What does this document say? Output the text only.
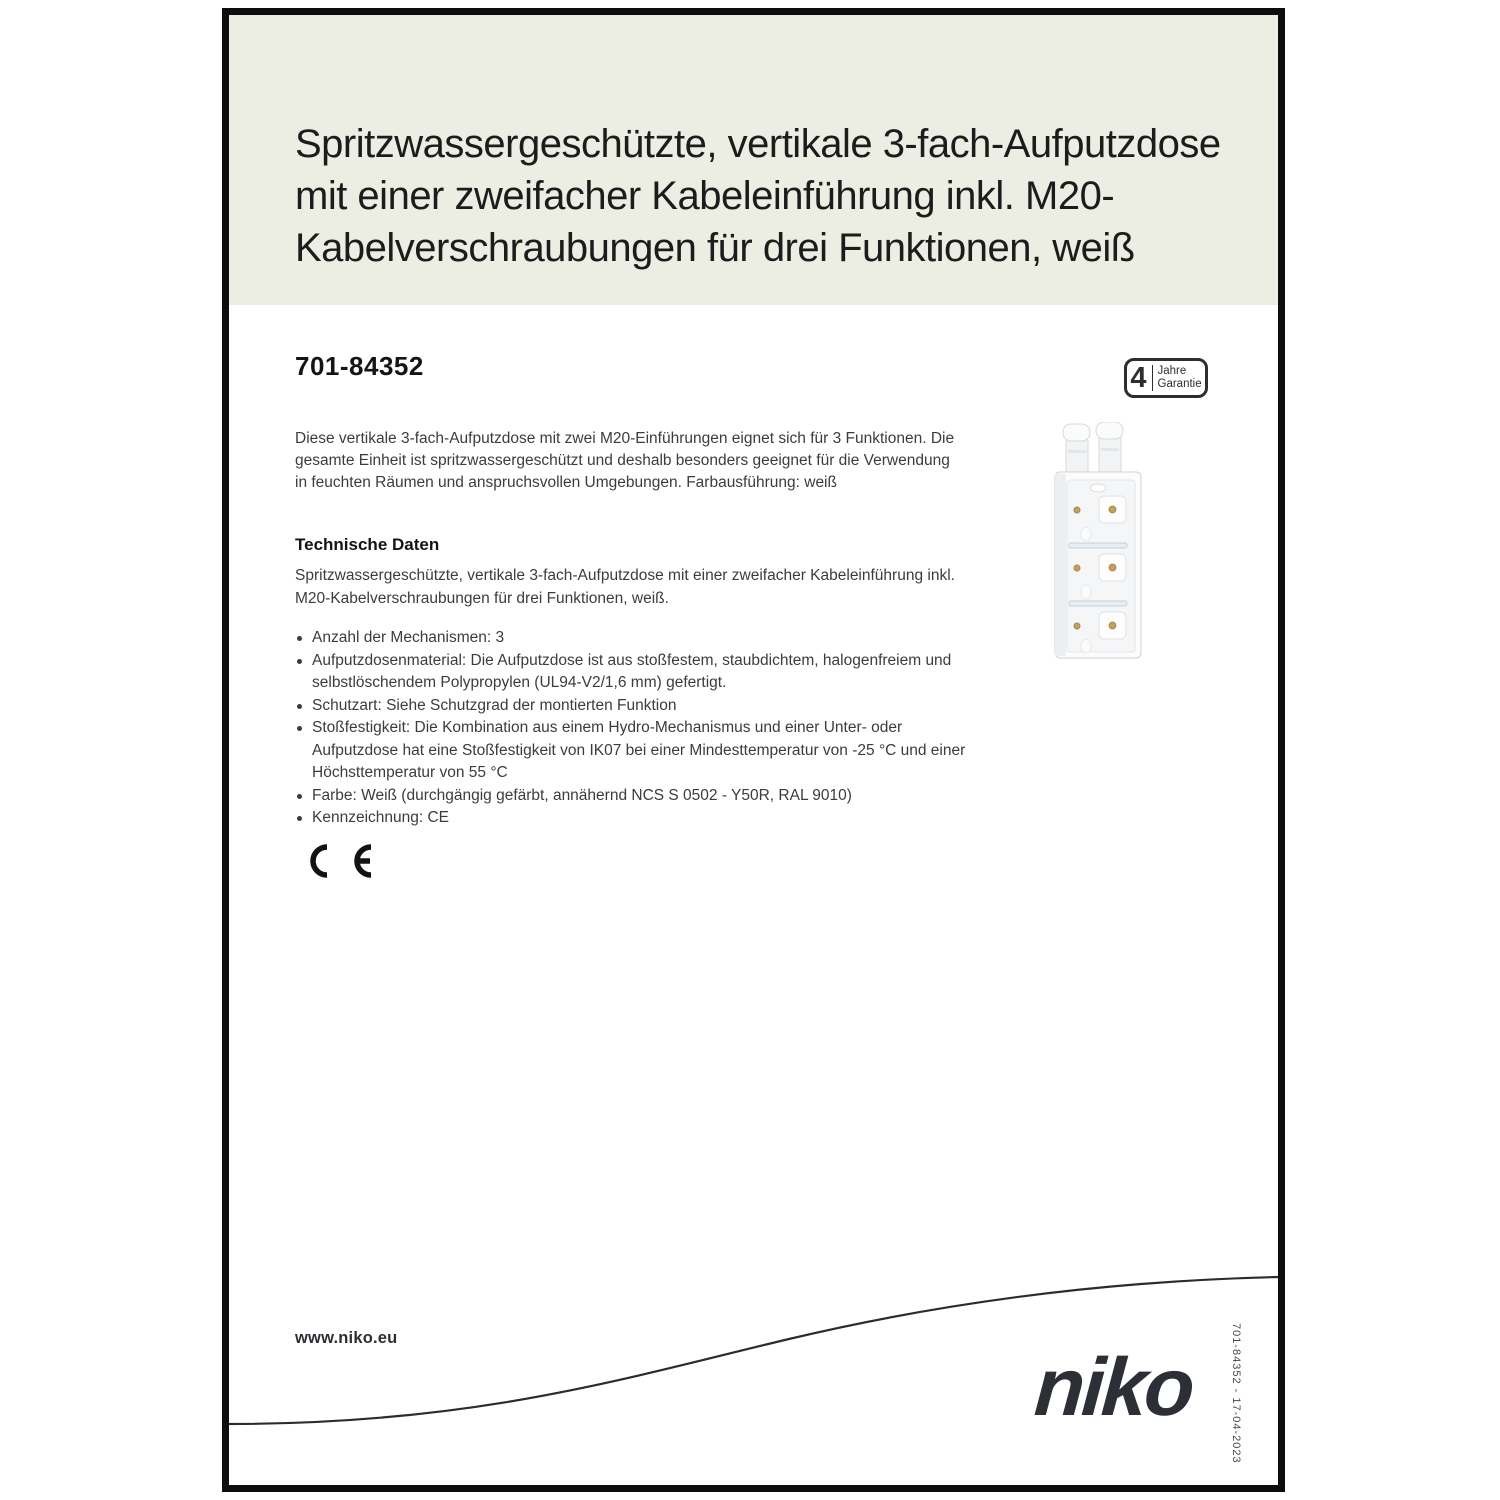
Spritzwassergeschützte, vertikale 3-fach-Aufputzdose
mit einer zweifacher Kabeleinführung inkl. M20-
Kabelverschraubungen für drei Funktionen, weiß
701-84352	4 Jahre
Garantie
Diese vertikale 3-fach-Aufputzdose mit zwei M20-Einführungen eignet sich für 3 Funktionen. Die gesamte Einheit ist spritzwassergeschützt und deshalb besonders geeignet für die Verwendung in feuchten Räumen und anspruchsvollen Umgebungen. Farbausführung: weiß
Technische Daten
Spritzwassergeschützte, vertikale 3-fach-Aufputzdose mit einer zweifacher Kabeleinführung inkl. M20-Kabelverschraubungen für drei Funktionen, weiß.
Anzahl der Mechanismen: 3
Aufputzdosenmaterial: Die Aufputzdose ist aus stoßfestem, staubdichtem, halogenfreiem und selbstlöschendem Polypropylen (UL94-V2/1,6 mm) gefertigt.
Schutzart: Siehe Schutzgrad der montierten Funktion
Stoßfestigkeit: Die Kombination aus einem Hydro-Mechanismus und einer Unter- oder Aufputzdose hat eine Stoßfestigkeit von IK07 bei einer Mindesttemperatur von -25 °C und einer Höchsttemperatur von 55 °C
Farbe: Weiß (durchgängig gefärbt, annähernd NCS S 0502 - Y50R, RAL 9010)
Kennzeichnung: CE
www.niko.eu
niko	701-84352 - 17-04-2023
